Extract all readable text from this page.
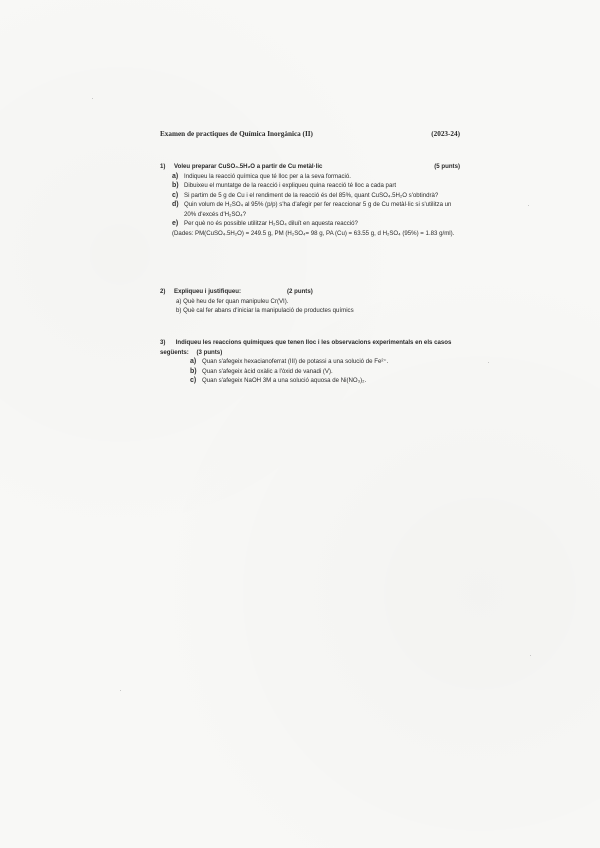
Examen de practiques de Química Inorgànica (II)	(2023-24)
1)	Voleu preparar CuSO₄.5H₂O a partir de Cu metàl·lic	(5 punts)
a) Indiqueu la reacció química que té lloc per a la seva formació.
b) Dibuixeu el muntatge de la reacció i expliqueu quina reacció té lloc a cada part
c) Si partim de 5 g de Cu i el rendiment de la reacció és del 85%, quant CuSO₄.5H₂O s'obtindrà?
d) Quin volum de H₂SO₄ al 95% (p/p) s'ha d'afegir per fer reaccionar 5 g de Cu metàl·lic si s'utilitza un 20% d'excés d'H₂SO₄?
e) Per què no és possible utilitzar H₂SO₄ diluït en aquesta reacció?
(Dades: PM(CuSO₄.5H₂O) = 249.5 g, PM (H₂SO₄= 98 g, PA (Cu) = 63.55 g, d H₂SO₄ (95%) = 1.83 g/ml).
2)	Expliqueu i justifiqueu:	(2 punts)
a) Què heu de fer quan manipuleu Cr(VI).
b) Què cal fer abans d'iniciar la manipulació de productes químics
3) Indiqueu les reaccions químiques que tenen lloc i les observacions experimentals en els casos següents: (3 punts)
a) Quan s'afegeix hexacianoferrat (III) de potassi a una solució de Fe²⁺.
b) Quan s'afegeix àcid oxàlic a l'òxid de vanadi (V).
c) Quan s'afegeix NaOH 3M a una solució aquosa de Ni(NO₃)₂.
